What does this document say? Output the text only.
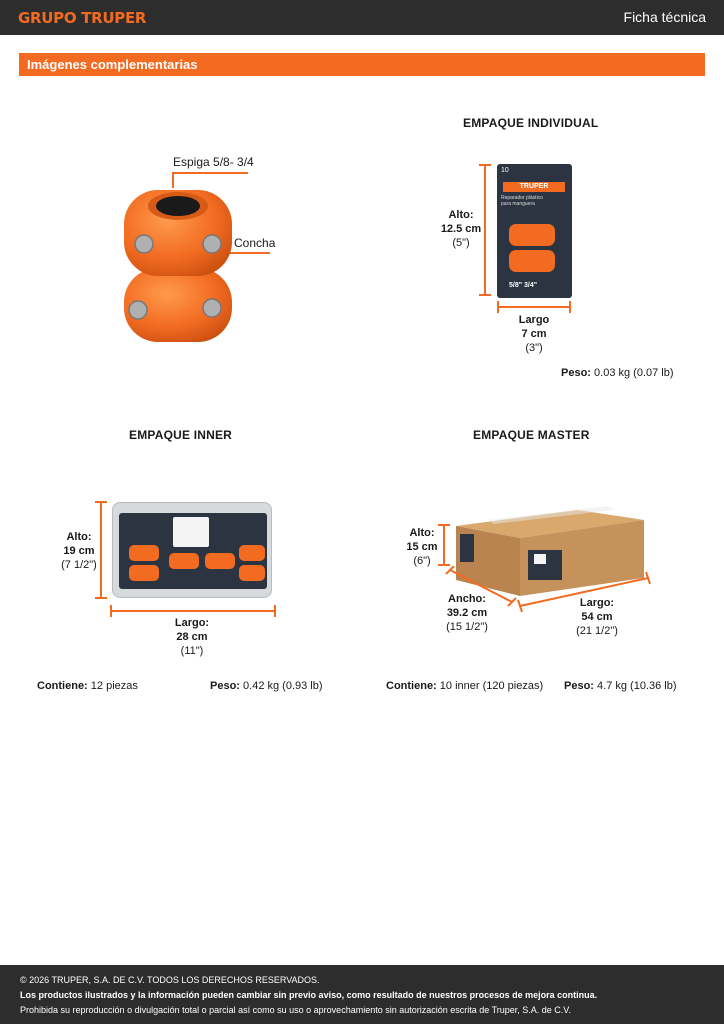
GRUPO TRUPER	Ficha técnica
Imágenes complementarias
Espiga 5/8- 3/4
Concha
EMPAQUE INDIVIDUAL
Alto:
12.5 cm
(5")
10
TRUPER
Reparador plástico
para manguera
5/8" 3/4"
Largo
7 cm
(3")
Peso: 0.03 kg (0.07 lb)
EMPAQUE INNER
Alto:
19 cm
(7 1/2")
Largo:
28 cm
(11")
Contiene: 12 piezas	Peso: 0.42 kg (0.93 lb)
EMPAQUE MASTER
Alto:
15 cm
(6")
Ancho:
39.2 cm
(15 1/2")
Largo:
54 cm
(21 1/2")
Contiene: 10 inner (120 piezas) Peso: 4.7 kg (10.36 lb)
© 2026 TRUPER, S.A. DE C.V. TODOS LOS DERECHOS RESERVADOS.
Los productos ilustrados y la información pueden cambiar sin previo aviso, como resultado de nuestros procesos de mejora continua.
Prohibida su reproducción o divulgación total o parcial así como su uso o aprovechamiento sin autorización escrita de Truper, S.A. de C.V.
